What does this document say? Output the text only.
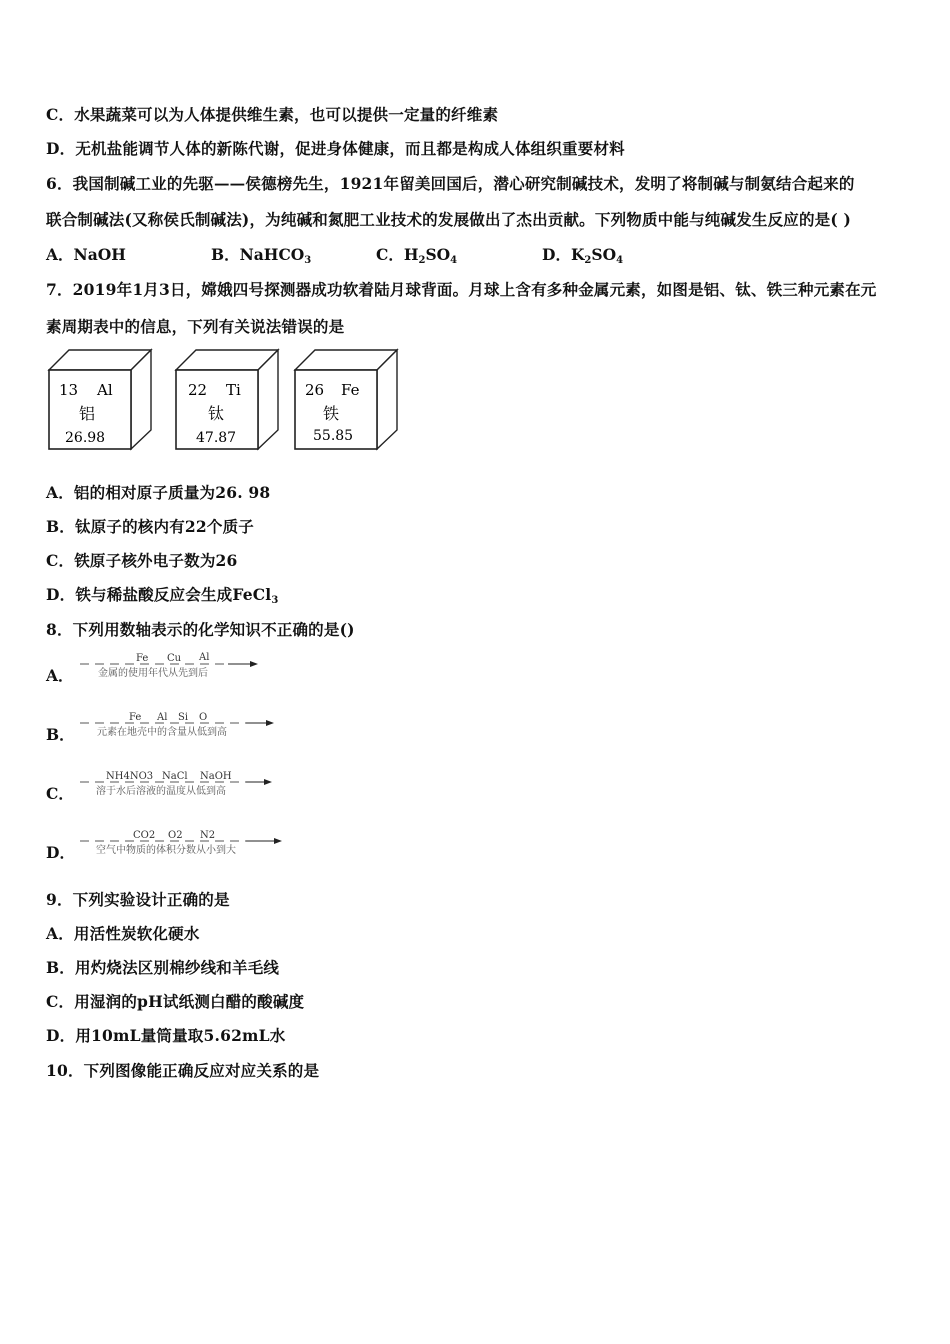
C．水果蔬菜可以为人体提供维生素，也可以提供一定量的纤维素
D．无机盐能调节人体的新陈代谢，促进身体健康，而且都是构成人体组织重要材料
6．我国制碱工业的先驱——侯德榜先生，1921年留美回国后，潜心研究制碱技术，发明了将制碱与制氨结合起来的
联合制碱法(又称侯氏制碱法)，为纯碱和氮肥工业技术的发展做出了杰出贡献。下列物质中能与纯碱发生反应的是( )
A．NaOH	B．NaHCO$_3$	C．$H_2SO_4$	D．$K_2SO_4$
7．2019年1月3日，嫦娥四号探测器成功软着陆月球背面。月球上含有多种金属元素，如图是铝、钛、铁三种元素在元
素周期表中的信息，下列有关说法错误的是
13 Al
铝
26.98
22 Ti
钛
47.87
26 Fe
铁
55.85
A．铝的相对原子质量为26. 98
B．钛原子的核内有22个质子
C．铁原子核外电子数为26
D．铁与稀盐酸反应会生成FeCl$_3$
8．下列用数轴表示的化学知识不正确的是()
A．
Fe Cu Al
金属的使用年代从先到后
B．
Fe Al Si O
元素在地壳中的含量从低到高
C．
NH4NO3 NaCl NaOH
溶于水后溶液的温度从低到高
D．
CO2 O2 N2
空气中物质的体积分数从小到大
9．下列实验设计正确的是
A．用活性炭软化硬水
B．用灼烧法区别棉纱线和羊毛线
C．用湿润的pH试纸测白醋的酸碱度
D．用10mL量筒量取5.62mL水
10．下列图像能正确反应对应关系的是
